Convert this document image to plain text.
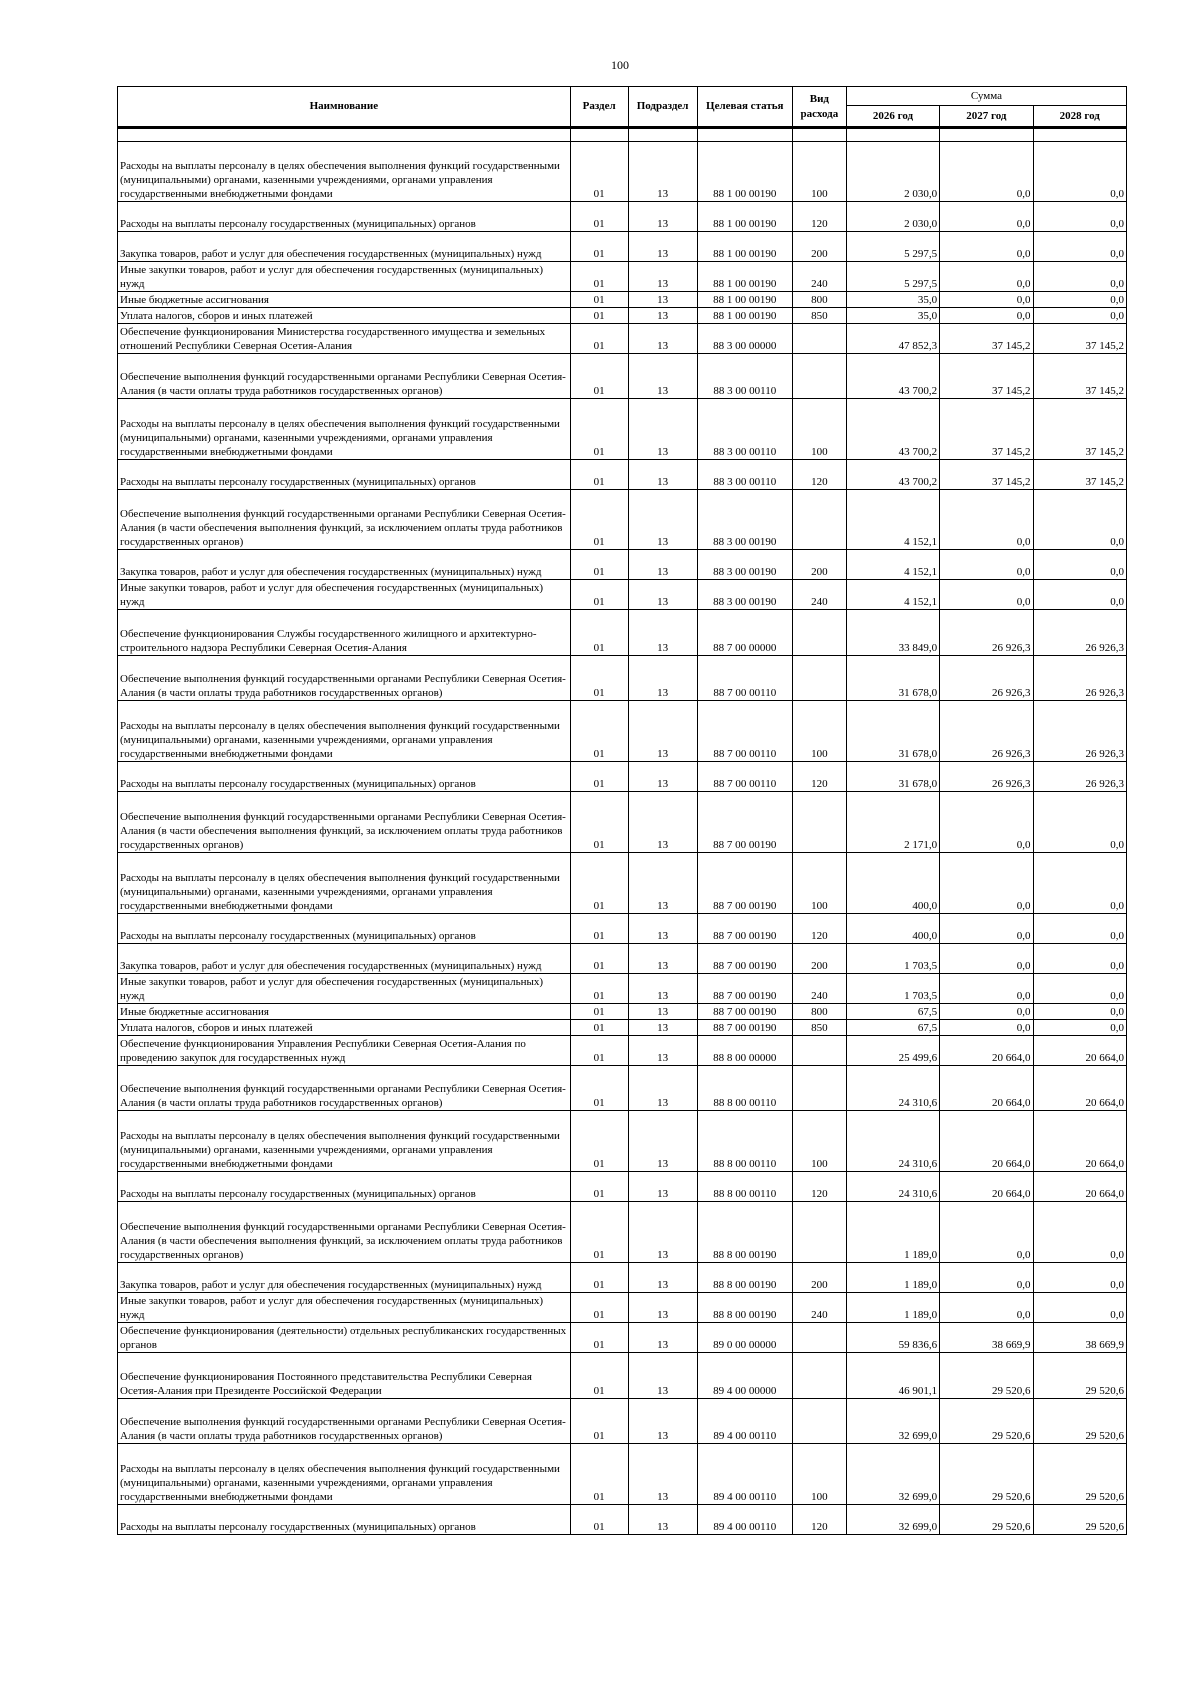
100
Наимнование	Раздел	Подраздел	Целевая статья	Вид расхода	Сумма		
					2026 год	2027 год	2028 год

Расходы на выплаты персоналу в целях обеспечения выполнения функций государственными (муниципальными) органами, казенными учреждениями, органами управления государственными внебюджетными фондами	01	13	88 1 00 00190	100	2 030,0	0,0	0,0
Расходы на выплаты персоналу государственных (муниципальных) органов	01	13	88 1 00 00190	120	2 030,0	0,0	0,0
Закупка товаров, работ и услуг для обеспечения государственных (муниципальных) нужд	01	13	88 1 00 00190	200	5 297,5	0,0	0,0
Иные закупки товаров, работ и услуг для обеспечения государственных (муниципальных) нужд	01	13	88 1 00 00190	240	5 297,5	0,0	0,0
Иные бюджетные ассигнования	01	13	88 1 00 00190	800	35,0	0,0	0,0
Уплата налогов, сборов и иных платежей	01	13	88 1 00 00190	850	35,0	0,0	0,0
Обеспечение функционирования Министерства государственного имущества и земельных отношений Республики Северная Осетия-Алания	01	13	88 3 00 00000		47 852,3	37 145,2	37 145,2
Обеспечение выполнения функций государственными органами Республики Северная Осетия-Алания (в части оплаты труда работников государственных органов)	01	13	88 3 00 00110		43 700,2	37 145,2	37 145,2
Расходы на выплаты персоналу в целях обеспечения выполнения функций государственными (муниципальными) органами, казенными учреждениями, органами управления государственными внебюджетными фондами	01	13	88 3 00 00110	100	43 700,2	37 145,2	37 145,2
Расходы на выплаты персоналу государственных (муниципальных) органов	01	13	88 3 00 00110	120	43 700,2	37 145,2	37 145,2
Обеспечение выполнения функций государственными органами Республики Северная Осетия-Алания (в части обеспечения выполнения функций, за исключением оплаты труда работников государственных органов)	01	13	88 3 00 00190		4 152,1	0,0	0,0
Закупка товаров, работ и услуг для обеспечения государственных (муниципальных) нужд	01	13	88 3 00 00190	200	4 152,1	0,0	0,0
Иные закупки товаров, работ и услуг для обеспечения государственных (муниципальных) нужд	01	13	88 3 00 00190	240	4 152,1	0,0	0,0
Обеспечение функционирования Службы государственного жилищного и архитектурно-строительного надзора Республики Северная Осетия-Алания	01	13	88 7 00 00000		33 849,0	26 926,3	26 926,3
Обеспечение выполнения функций государственными органами Республики Северная Осетия-Алания (в части оплаты труда работников государственных органов)	01	13	88 7 00 00110		31 678,0	26 926,3	26 926,3
Расходы на выплаты персоналу в целях обеспечения выполнения функций государственными (муниципальными) органами, казенными учреждениями, органами управления государственными внебюджетными фондами	01	13	88 7 00 00110	100	31 678,0	26 926,3	26 926,3
Расходы на выплаты персоналу государственных (муниципальных) органов	01	13	88 7 00 00110	120	31 678,0	26 926,3	26 926,3
Обеспечение выполнения функций государственными органами Республики Северная Осетия-Алания (в части обеспечения выполнения функций, за исключением оплаты труда работников государственных органов)	01	13	88 7 00 00190		2 171,0	0,0	0,0
Расходы на выплаты персоналу в целях обеспечения выполнения функций государственными (муниципальными) органами, казенными учреждениями, органами управления государственными внебюджетными фондами	01	13	88 7 00 00190	100	400,0	0,0	0,0
Расходы на выплаты персоналу государственных (муниципальных) органов	01	13	88 7 00 00190	120	400,0	0,0	0,0
Закупка товаров, работ и услуг для обеспечения государственных (муниципальных) нужд	01	13	88 7 00 00190	200	1 703,5	0,0	0,0
Иные закупки товаров, работ и услуг для обеспечения государственных (муниципальных) нужд	01	13	88 7 00 00190	240	1 703,5	0,0	0,0
Иные бюджетные ассигнования	01	13	88 7 00 00190	800	67,5	0,0	0,0
Уплата налогов, сборов и иных платежей	01	13	88 7 00 00190	850	67,5	0,0	0,0
Обеспечение функционирования Управления Республики Северная Осетия-Алания по проведению закупок для государственных нужд	01	13	88 8 00 00000		25 499,6	20 664,0	20 664,0
Обеспечение выполнения функций государственными органами Республики Северная Осетия-Алания (в части оплаты труда работников государственных органов)	01	13	88 8 00 00110		24 310,6	20 664,0	20 664,0
Расходы на выплаты персоналу в целях обеспечения выполнения функций государственными (муниципальными) органами, казенными учреждениями, органами управления государственными внебюджетными фондами	01	13	88 8 00 00110	100	24 310,6	20 664,0	20 664,0
Расходы на выплаты персоналу государственных (муниципальных) органов	01	13	88 8 00 00110	120	24 310,6	20 664,0	20 664,0
Обеспечение выполнения функций государственными органами Республики Северная Осетия-Алания (в части обеспечения выполнения функций, за исключением оплаты труда работников государственных органов)	01	13	88 8 00 00190		1 189,0	0,0	0,0
Закупка товаров, работ и услуг для обеспечения государственных (муниципальных) нужд	01	13	88 8 00 00190	200	1 189,0	0,0	0,0
Иные закупки товаров, работ и услуг для обеспечения государственных (муниципальных) нужд	01	13	88 8 00 00190	240	1 189,0	0,0	0,0
Обеспечение функционирования (деятельности) отдельных республиканских государственных органов	01	13	89 0 00 00000		59 836,6	38 669,9	38 669,9
Обеспечение функционирования Постоянного представительства Республики Северная Осетия-Алания при Президенте Российской Федерации	01	13	89 4 00 00000		46 901,1	29 520,6	29 520,6
Обеспечение выполнения функций государственными органами Республики Северная Осетия-Алания (в части оплаты труда работников государственных органов)	01	13	89 4 00 00110		32 699,0	29 520,6	29 520,6
Расходы на выплаты персоналу в целях обеспечения выполнения функций государственными (муниципальными) органами, казенными учреждениями, органами управления государственными внебюджетными фондами	01	13	89 4 00 00110	100	32 699,0	29 520,6	29 520,6
Расходы на выплаты персоналу государственных (муниципальных) органов	01	13	89 4 00 00110	120	32 699,0	29 520,6	29 520,6
